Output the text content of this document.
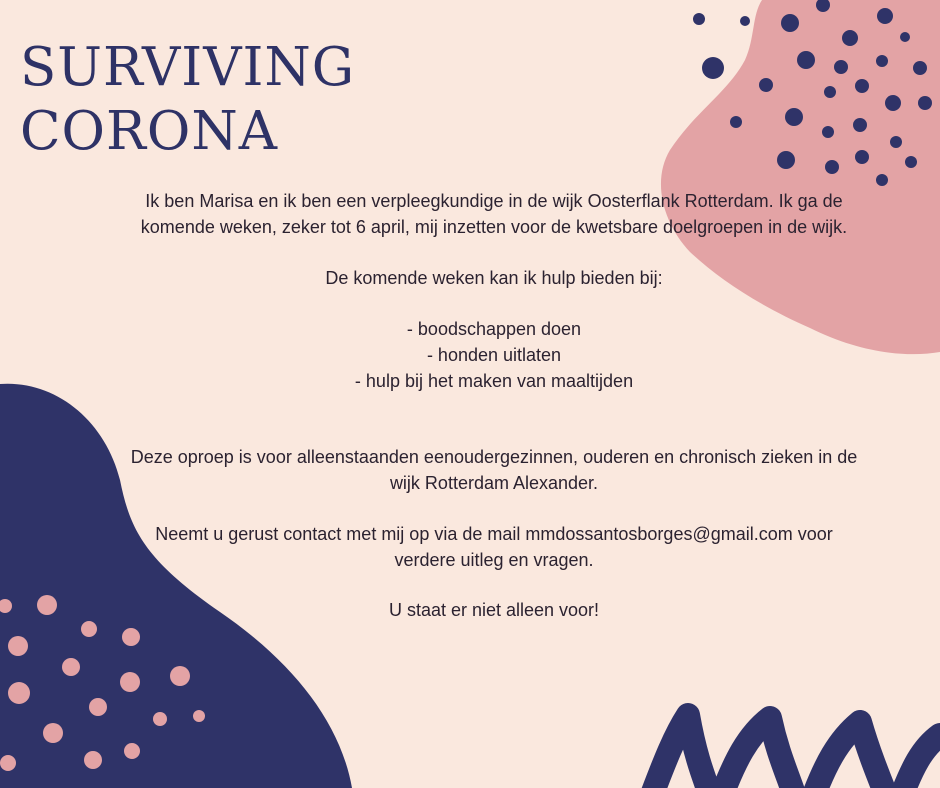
SURVIVING
CORONA

Ik ben Marisa en ik ben een verpleegkundige in de wijk Oosterflank Rotterdam. Ik ga de
komende weken, zeker tot 6 april, mij inzetten voor de kwetsbare doelgroepen in de wijk.

De komende weken kan ik hulp bieden bij:

- boodschappen doen
- honden uitlaten
- hulp bij het maken van maaltijden

Deze oproep is voor alleenstaanden eenoudergezinnen, ouderen en chronisch zieken in de
wijk Rotterdam Alexander.

Neemt u gerust contact met mij op via de mail mmdossantosborges@gmail.com voor
verdere uitleg en vragen.

U staat er niet alleen voor!
